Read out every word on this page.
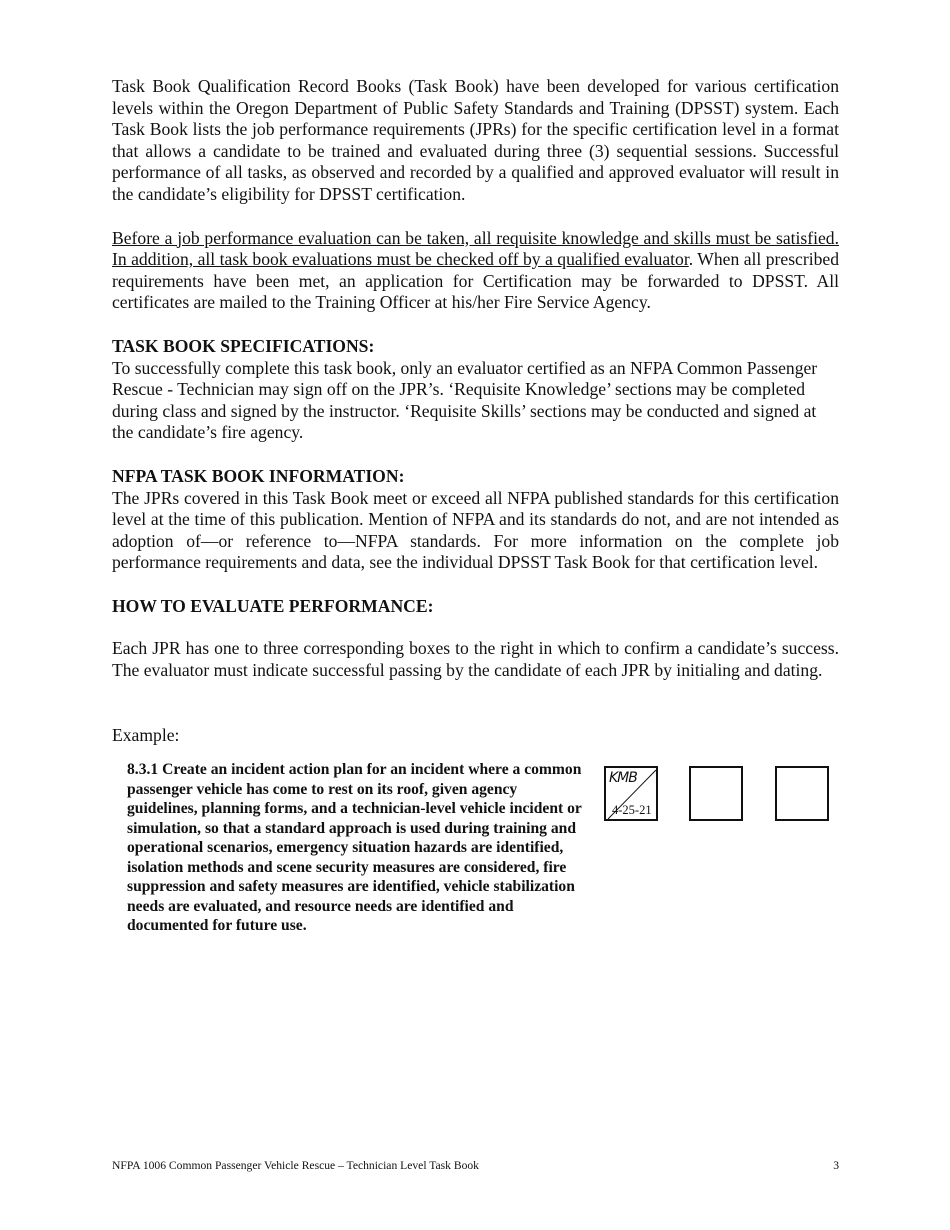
Task Book Qualification Record Books (Task Book) have been developed for various certification levels within the Oregon Department of Public Safety Standards and Training (DPSST) system. Each Task Book lists the job performance requirements (JPRs) for the specific certification level in a format that allows a candidate to be trained and evaluated during three (3) sequential sessions. Successful performance of all tasks, as observed and recorded by a qualified and approved evaluator will result in the candidate’s eligibility for DPSST certification.

Before a job performance evaluation can be taken, all requisite knowledge and skills must be satisfied. In addition, all task book evaluations must be checked off by a qualified evaluator. When all prescribed requirements have been met, an application for Certification may be forwarded to DPSST. All certificates are mailed to the Training Officer at his/her Fire Service Agency.

TASK BOOK SPECIFICATIONS:

To successfully complete this task book, only an evaluator certified as an NFPA Common Passenger Rescue - Technician may sign off on the JPR’s. ‘Requisite Knowledge’ sections may be completed during class and signed by the instructor. ‘Requisite Skills’ sections may be conducted and signed at the candidate’s fire agency.

NFPA TASK BOOK INFORMATION:

The JPRs covered in this Task Book meet or exceed all NFPA published standards for this certification level at the time of this publication. Mention of NFPA and its standards do not, and are not intended as adoption of—or reference to—NFPA standards. For more information on the complete job performance requirements and data, see the individual DPSST Task Book for that certification level.

HOW TO EVALUATE PERFORMANCE:

Each JPR has one to three corresponding boxes to the right in which to confirm a candidate’s success. The evaluator must indicate successful passing by the candidate of each JPR by initialing and dating.

Example:

8.3.1 Create an incident action plan for an incident where a common passenger vehicle has come to rest on its roof, given agency guidelines, planning forms, and a technician-level vehicle incident or simulation, so that a standard approach is used during training and operational scenarios, emergency situation hazards are identified, isolation methods and scene security measures are considered, fire suppression and safety measures are identified, vehicle stabilization needs are evaluated, and resource needs are identified and documented for future use.
KMB
4-25-21
NFPA 1006 Common Passenger Vehicle Rescue – Technician Level Task Book	3
